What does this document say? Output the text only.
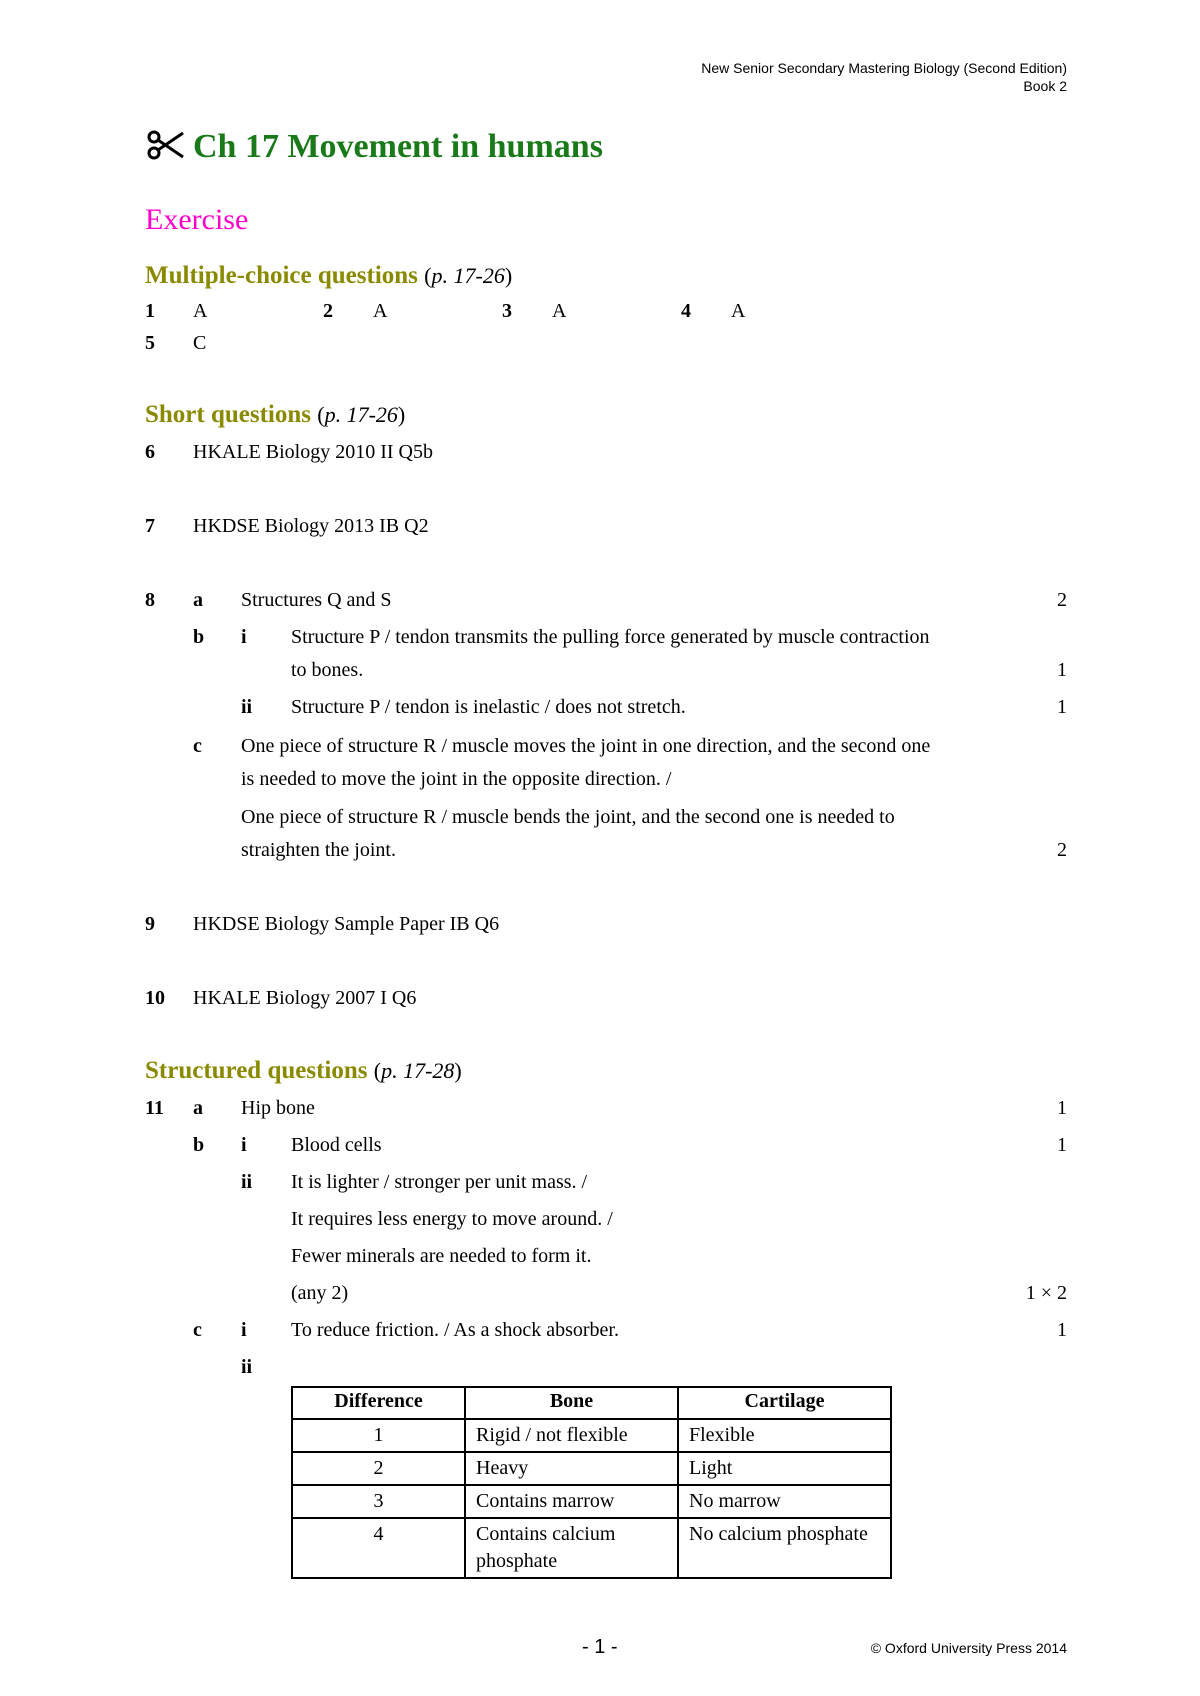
New Senior Secondary Mastering Biology (Second Edition)
Book 2
Ch 17 Movement in humans
Exercise
Multiple-choice questions (p. 17-26)
1 A	2 A	3 A	4 A
5 C
Short questions (p. 17-26)
6 HKALE Biology 2010 II Q5b
7 HKDSE Biology 2013 IB Q2
8 a Structures Q and S	2
b i Structure P / tendon transmits the pulling force generated by muscle contraction
to bones.	1
ii Structure P / tendon is inelastic / does not stretch.	1
c One piece of structure R / muscle moves the joint in one direction, and the second one
is needed to move the joint in the opposite direction. /
One piece of structure R / muscle bends the joint, and the second one is needed to
straighten the joint.	2
9 HKDSE Biology Sample Paper IB Q6
10 HKALE Biology 2007 I Q6
Structured questions (p. 17-28)
11 a Hip bone	1
b i Blood cells	1
ii It is lighter / stronger per unit mass. /
It requires less energy to move around. /
Fewer minerals are needed to form it.
(any 2)	1 × 2
c i To reduce friction. / As a shock absorber.	1
ii
Difference	Bone	Cartilage
1	Rigid / not flexible	Flexible
2	Heavy	Light
3	Contains marrow	No marrow
4	Contains calcium phosphate	No calcium phosphate
- 1 -	© Oxford University Press 2014
